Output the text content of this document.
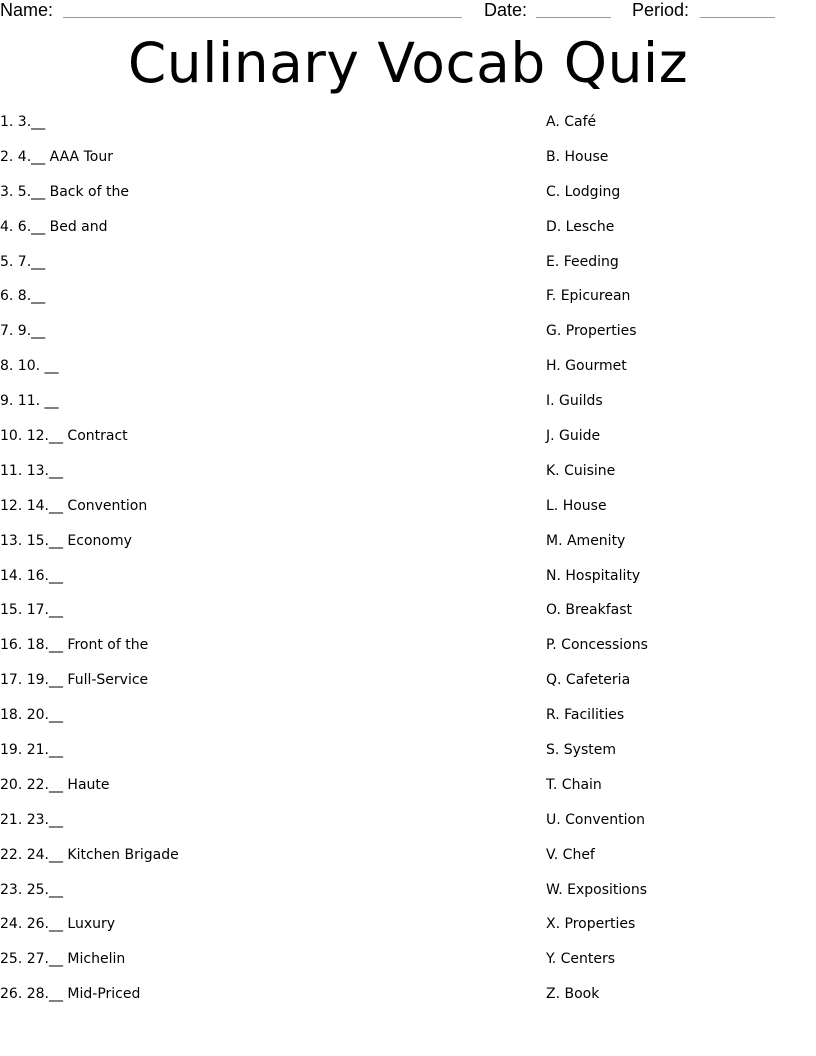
Name:	Date:	Period:
Culinary Vocab Quiz
1. 3.__
2. 4.__ AAA Tour
3. 5.__ Back of the
4. 6.__ Bed and
5. 7.__
6. 8.__
7. 9.__
8. 10. __
9. 11. __
10. 12.__ Contract
11. 13.__
12. 14.__ Convention
13. 15.__ Economy
14. 16.__
15. 17.__
16. 18.__ Front of the
17. 19.__ Full-Service
18. 20.__
19. 21.__
20. 22.__ Haute
21. 23.__
22. 24.__ Kitchen Brigade
23. 25.__
24. 26.__ Luxury
25. 27.__ Michelin
26. 28.__ Mid-Priced
A. Café
B. House
C. Lodging
D. Lesche
E. Feeding
F. Epicurean
G. Properties
H. Gourmet
I. Guilds
J. Guide
K. Cuisine
L. House
M. Amenity
N. Hospitality
O. Breakfast
P. Concessions
Q. Cafeteria
R. Facilities
S. System
T. Chain
U. Convention
V. Chef
W. Expositions
X. Properties
Y. Centers
Z. Book
